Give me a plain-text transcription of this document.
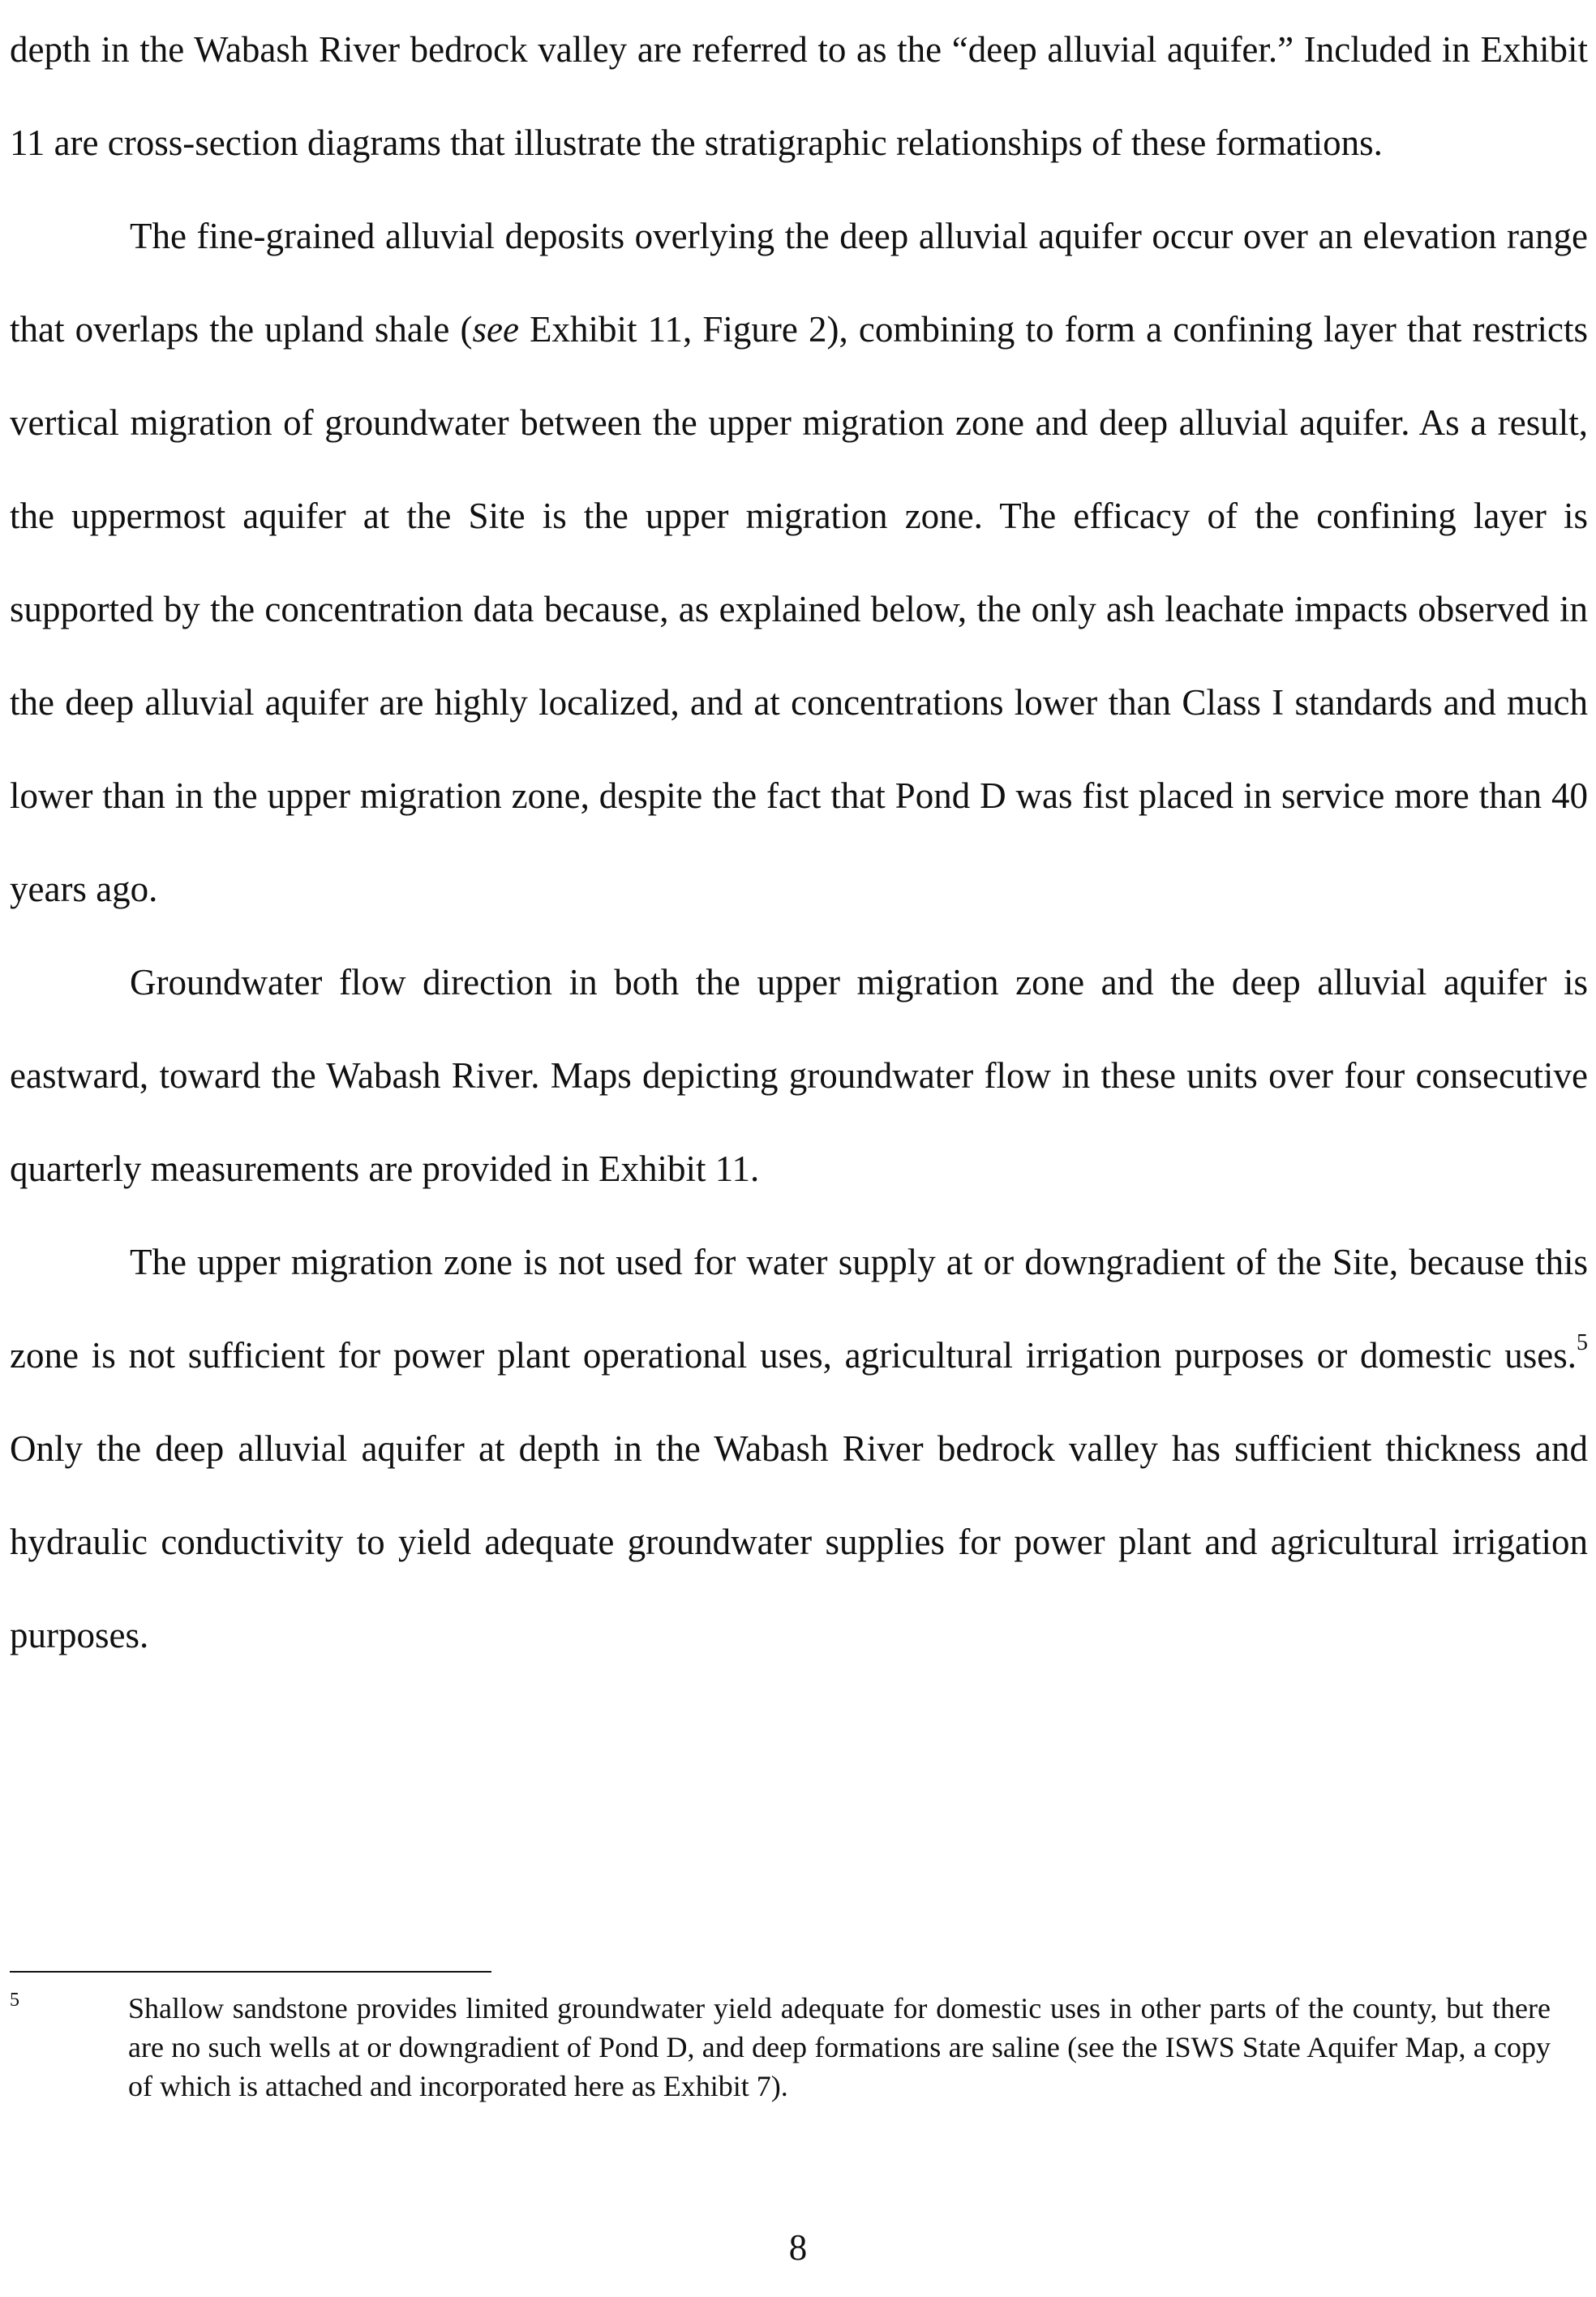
depth in the Wabash River bedrock valley are referred to as the “deep alluvial aquifer.” Included in Exhibit 11 are cross-section diagrams that illustrate the stratigraphic relationships of these formations.

The fine-grained alluvial deposits overlying the deep alluvial aquifer occur over an elevation range that overlaps the upland shale (see Exhibit 11, Figure 2), combining to form a confining layer that restricts vertical migration of groundwater between the upper migration zone and deep alluvial aquifer. As a result, the uppermost aquifer at the Site is the upper migration zone. The efficacy of the confining layer is supported by the concentration data because, as explained below, the only ash leachate impacts observed in the deep alluvial aquifer are highly localized, and at concentrations lower than Class I standards and much lower than in the upper migration zone, despite the fact that Pond D was fist placed in service more than 40 years ago.

Groundwater flow direction in both the upper migration zone and the deep alluvial aquifer is eastward, toward the Wabash River. Maps depicting groundwater flow in these units over four consecutive quarterly measurements are provided in Exhibit 11.

The upper migration zone is not used for water supply at or downgradient of the Site, because this zone is not sufficient for power plant operational uses, agricultural irrigation purposes or domestic uses.$^5$ Only the deep alluvial aquifer at depth in the Wabash River bedrock valley has sufficient thickness and hydraulic conductivity to yield adequate groundwater supplies for power plant and agricultural irrigation purposes.

5	Shallow sandstone provides limited groundwater yield adequate for domestic uses in other parts of the county, but there are no such wells at or downgradient of Pond D, and deep formations are saline (see the ISWS State Aquifer Map, a copy of which is attached and incorporated here as Exhibit 7).

8
